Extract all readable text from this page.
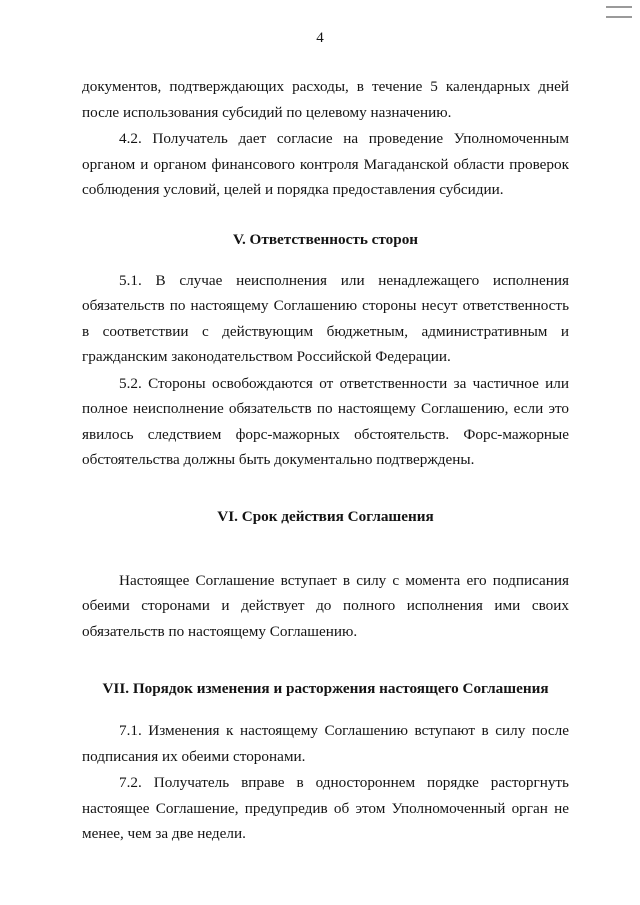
4

документов, подтверждающих расходы, в течение 5 календарных дней после использования субсидий по целевому назначению.

4.2. Получатель дает согласие на проведение Уполномоченным органом и органом финансового контроля Магаданской области проверок соблюдения условий, целей и порядка предоставления субсидии.

V. Ответственность сторон

5.1. В случае неисполнения или ненадлежащего исполнения обязательств по настоящему Соглашению стороны несут ответственность в соответствии с действующим бюджетным, административным и гражданским законодательством Российской Федерации.

5.2. Стороны освобождаются от ответственности за частичное или полное неисполнение обязательств по настоящему Соглашению, если это явилось следствием форс-мажорных обстоятельств. Форс-мажорные обстоятельства должны быть документально подтверждены.

VI. Срок действия Соглашения

Настоящее Соглашение вступает в силу с момента его подписания обеими сторонами и действует до полного исполнения ими своих обязательств по настоящему Соглашению.

VII. Порядок изменения и расторжения настоящего Соглашения

7.1. Изменения к настоящему Соглашению вступают в силу после подписания их обеими сторонами.

7.2. Получатель вправе в одностороннем порядке расторгнуть настоящее Соглашение, предупредив об этом Уполномоченный орган не менее, чем за две недели.
